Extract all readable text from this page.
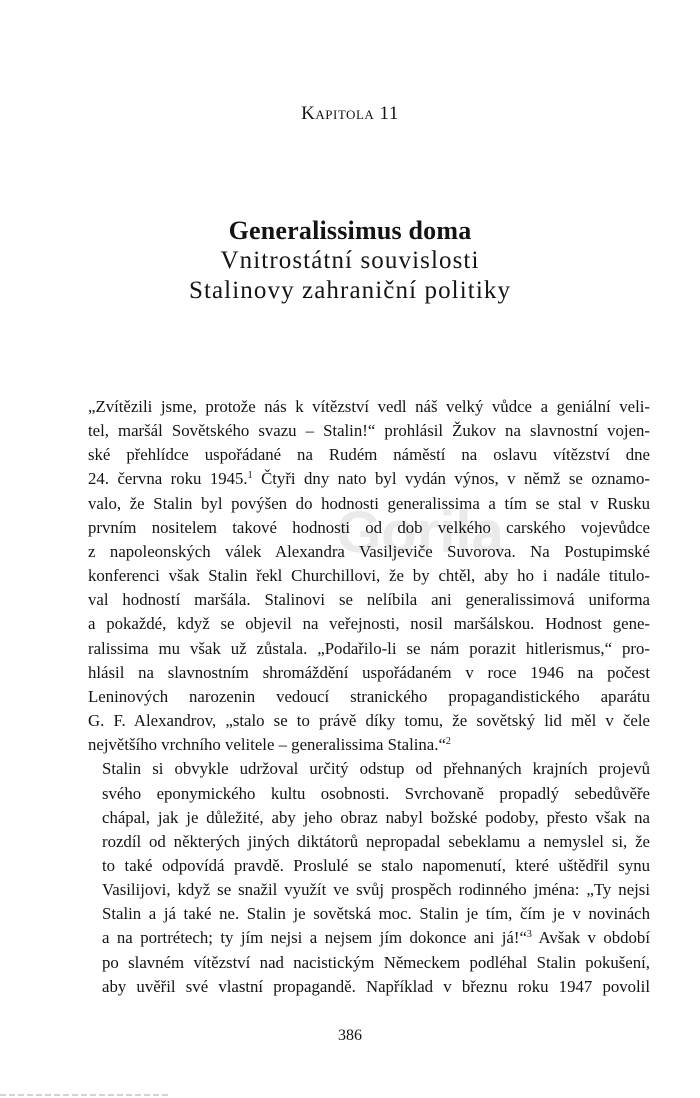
Kapitola 11
Generalissimus doma
Vnitrostátní souvislosti
Stalinovy zahraniční politiky
Gorila

„Zvítězili jsme, protože nás k vítězství vedl náš velký vůdce a geniální veli-
tel, maršál Sovětského svazu – Stalin!“ prohlásil Žukov na slavnostní vojen-
ské přehlídce uspořádané na Rudém náměstí na oslavu vítězství dne
24. června roku 1945.$^1$ Čtyři dny nato byl vydán výnos, v němž se oznamo-
valo, že Stalin byl povýšen do hodnosti generalissima a tím se stal v Rusku
prvním nositelem takové hodnosti od dob velkého carského vojevůdce
z napoleonských válek Alexandra Vasiljeviče Suvorova. Na Postupimské
konferenci však Stalin řekl Churchillovi, že by chtěl, aby ho i nadále titulo-
val hodností maršála. Stalinovi se nelíbila ani generalissimová uniforma
a pokaždé, když se objevil na veřejnosti, nosil maršálskou. Hodnost gene-
ralissima mu však už zůstala. „Podařilo-li se nám porazit hitlerismus,“ pro-
hlásil na slavnostním shromáždění uspořádaném v roce 1946 na počest
Leninových narozenin vedoucí stranického propagandistického aparátu
G. F. Alexandrov, „stalo se to právě díky tomu, že sovětský lid měl v čele
největšího vrchního velitele – generalissima Stalina.“$^2$

Stalin si obvykle udržoval určitý odstup od přehnaných krajních projevů
svého eponymického kultu osobnosti. Svrchovaně propadlý sebedůvěře
chápal, jak je důležité, aby jeho obraz nabyl božské podoby, přesto však na
rozdíl od některých jiných diktátorů nepropadal sebeklamu a nemyslel si, že
to také odpovídá pravdě. Proslulé se stalo napomenutí, které uštědřil synu
Vasilijovi, když se snažil využít ve svůj prospěch rodinného jména: „Ty nejsi
Stalin a já také ne. Stalin je sovětská moc. Stalin je tím, čím je v novinách
a na portrétech; ty jím nejsi a nejsem jím dokonce ani já!“$^3$ Avšak v období
po slavném vítězství nad nacistickým Německem podléhal Stalin pokušení,
aby uvěřil své vlastní propagandě. Například v březnu roku 1947 povolil

386
